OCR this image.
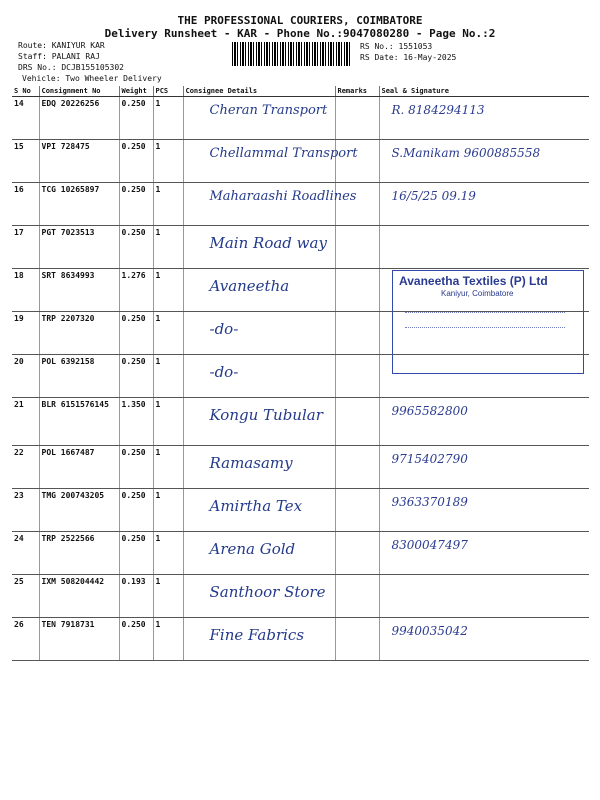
THE PROFESSIONAL COURIERS, COIMBATORE
Delivery Runsheet - KAR - Phone No.:9047080280 - Page No.:2
Route: KANIYUR KAR
Staff: PALANI RAJ
DRS No.: DCJB155105302
Vehicle: Two Wheeler Delivery
RS No.: 1551053
RS Date: 16-May-2025
S No	Consignment No	Weight	PCS	Consignee Details	Remarks	Seal & Signature
14	EDQ 20226256	0.250	1	Cheran Transport		R. 8184294113

15	VPI 728475	0.250	1	Chellammal Transport		S.Manikam 9600885558

16	TCG 10265897	0.250	1	Maharaashi Roadlines		16/5/25 09.19

17	PGT 7023513	0.250	1	Main Road way		

18	SRT 8634993	1.276	1	Avaneetha		

19	TRP 2207320	0.250	1	-do-		

20	POL 6392158	0.250	1	-do-		

21	BLR 6151576145	1.350	1	Kongu Tubular		9965582800

22	POL 1667487	0.250	1	Ramasamy		9715402790

23	TMG 200743205	0.250	1	Amirtha Tex		9363370189

24	TRP 2522566	0.250	1	Arena Gold		8300047497

25	IXM 508204442	0.193	1	Santhoor Store		

26	TEN 7918731	0.250	1	Fine Fabrics		9940035042
Avaneetha Textiles (P) Ltd
Kaniyur, Coimbatore
